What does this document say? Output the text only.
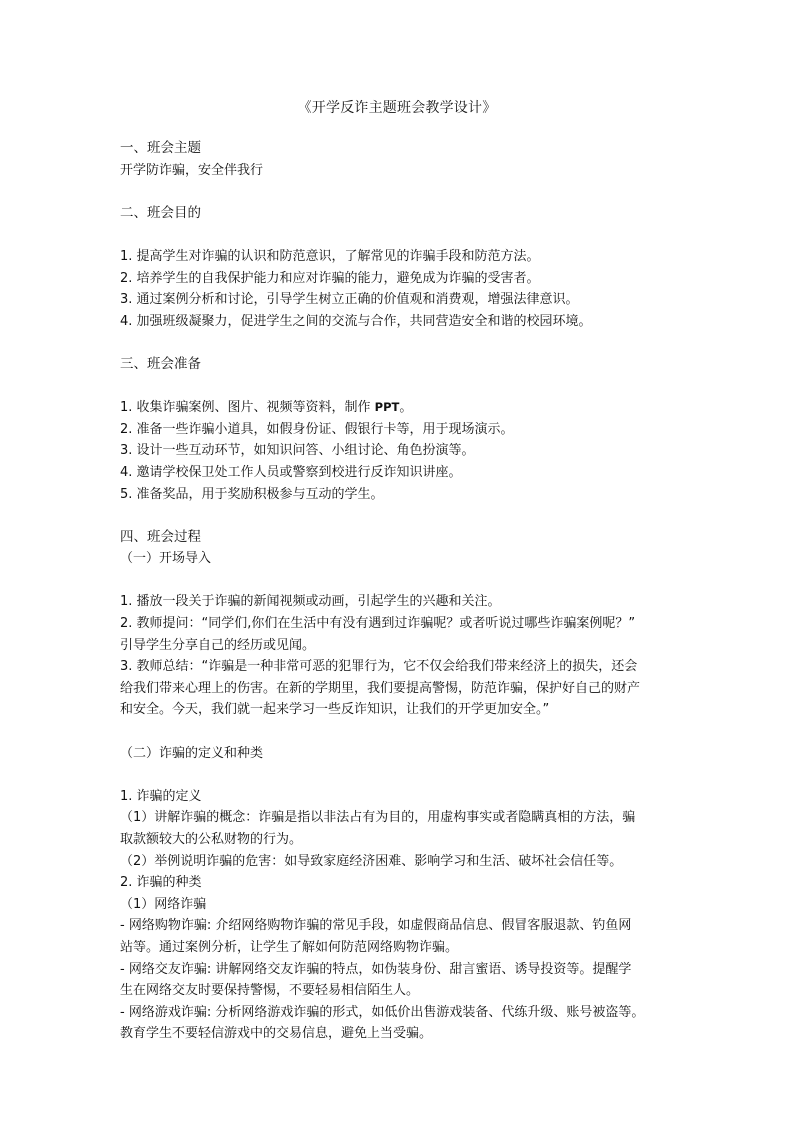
《开学反诈主题班会教学设计》

一、班会主题

开学防诈骗，安全伴我行

二、班会目的

1. 提高学生对诈骗的认识和防范意识，了解常见的诈骗手段和防范方法。

2. 培养学生的自我保护能力和应对诈骗的能力，避免成为诈骗的受害者。

3. 通过案例分析和讨论，引导学生树立正确的价值观和消费观，增强法律意识。

4. 加强班级凝聚力，促进学生之间的交流与合作，共同营造安全和谐的校园环境。

三、班会准备

1. 收集诈骗案例、图片、视频等资料，制作 PPT。

2. 准备一些诈骗小道具，如假身份证、假银行卡等，用于现场演示。

3. 设计一些互动环节，如知识问答、小组讨论、角色扮演等。

4. 邀请学校保卫处工作人员或警察到校进行反诈知识讲座。

5. 准备奖品，用于奖励积极参与互动的学生。

四、班会过程

（一）开场导入

1. 播放一段关于诈骗的新闻视频或动画，引起学生的兴趣和关注。

2. 教师提问：“同学们,你们在生活中有没有遇到过诈骗呢？或者听说过哪些诈骗案例呢？”

引导学生分享自己的经历或见闻。

3. 教师总结：“诈骗是一种非常可恶的犯罪行为，它不仅会给我们带来经济上的损失，还会

给我们带来心理上的伤害。在新的学期里，我们要提高警惕，防范诈骗，保护好自己的财产

和安全。今天，我们就一起来学习一些反诈知识，让我们的开学更加安全。”

（二）诈骗的定义和种类

1. 诈骗的定义

（1）讲解诈骗的概念：诈骗是指以非法占有为目的，用虚构事实或者隐瞒真相的方法，骗

取款额较大的公私财物的行为。

（2）举例说明诈骗的危害：如导致家庭经济困难、影响学习和生活、破坏社会信任等。

2. 诈骗的种类

（1）网络诈骗

- 网络购物诈骗: 介绍网络购物诈骗的常见手段，如虚假商品信息、假冒客服退款、钓鱼网

站等。通过案例分析，让学生了解如何防范网络购物诈骗。

- 网络交友诈骗: 讲解网络交友诈骗的特点，如伪装身份、甜言蜜语、诱导投资等。提醒学

生在网络交友时要保持警惕，不要轻易相信陌生人。

- 网络游戏诈骗: 分析网络游戏诈骗的形式，如低价出售游戏装备、代练升级、账号被盗等。

教育学生不要轻信游戏中的交易信息，避免上当受骗。
